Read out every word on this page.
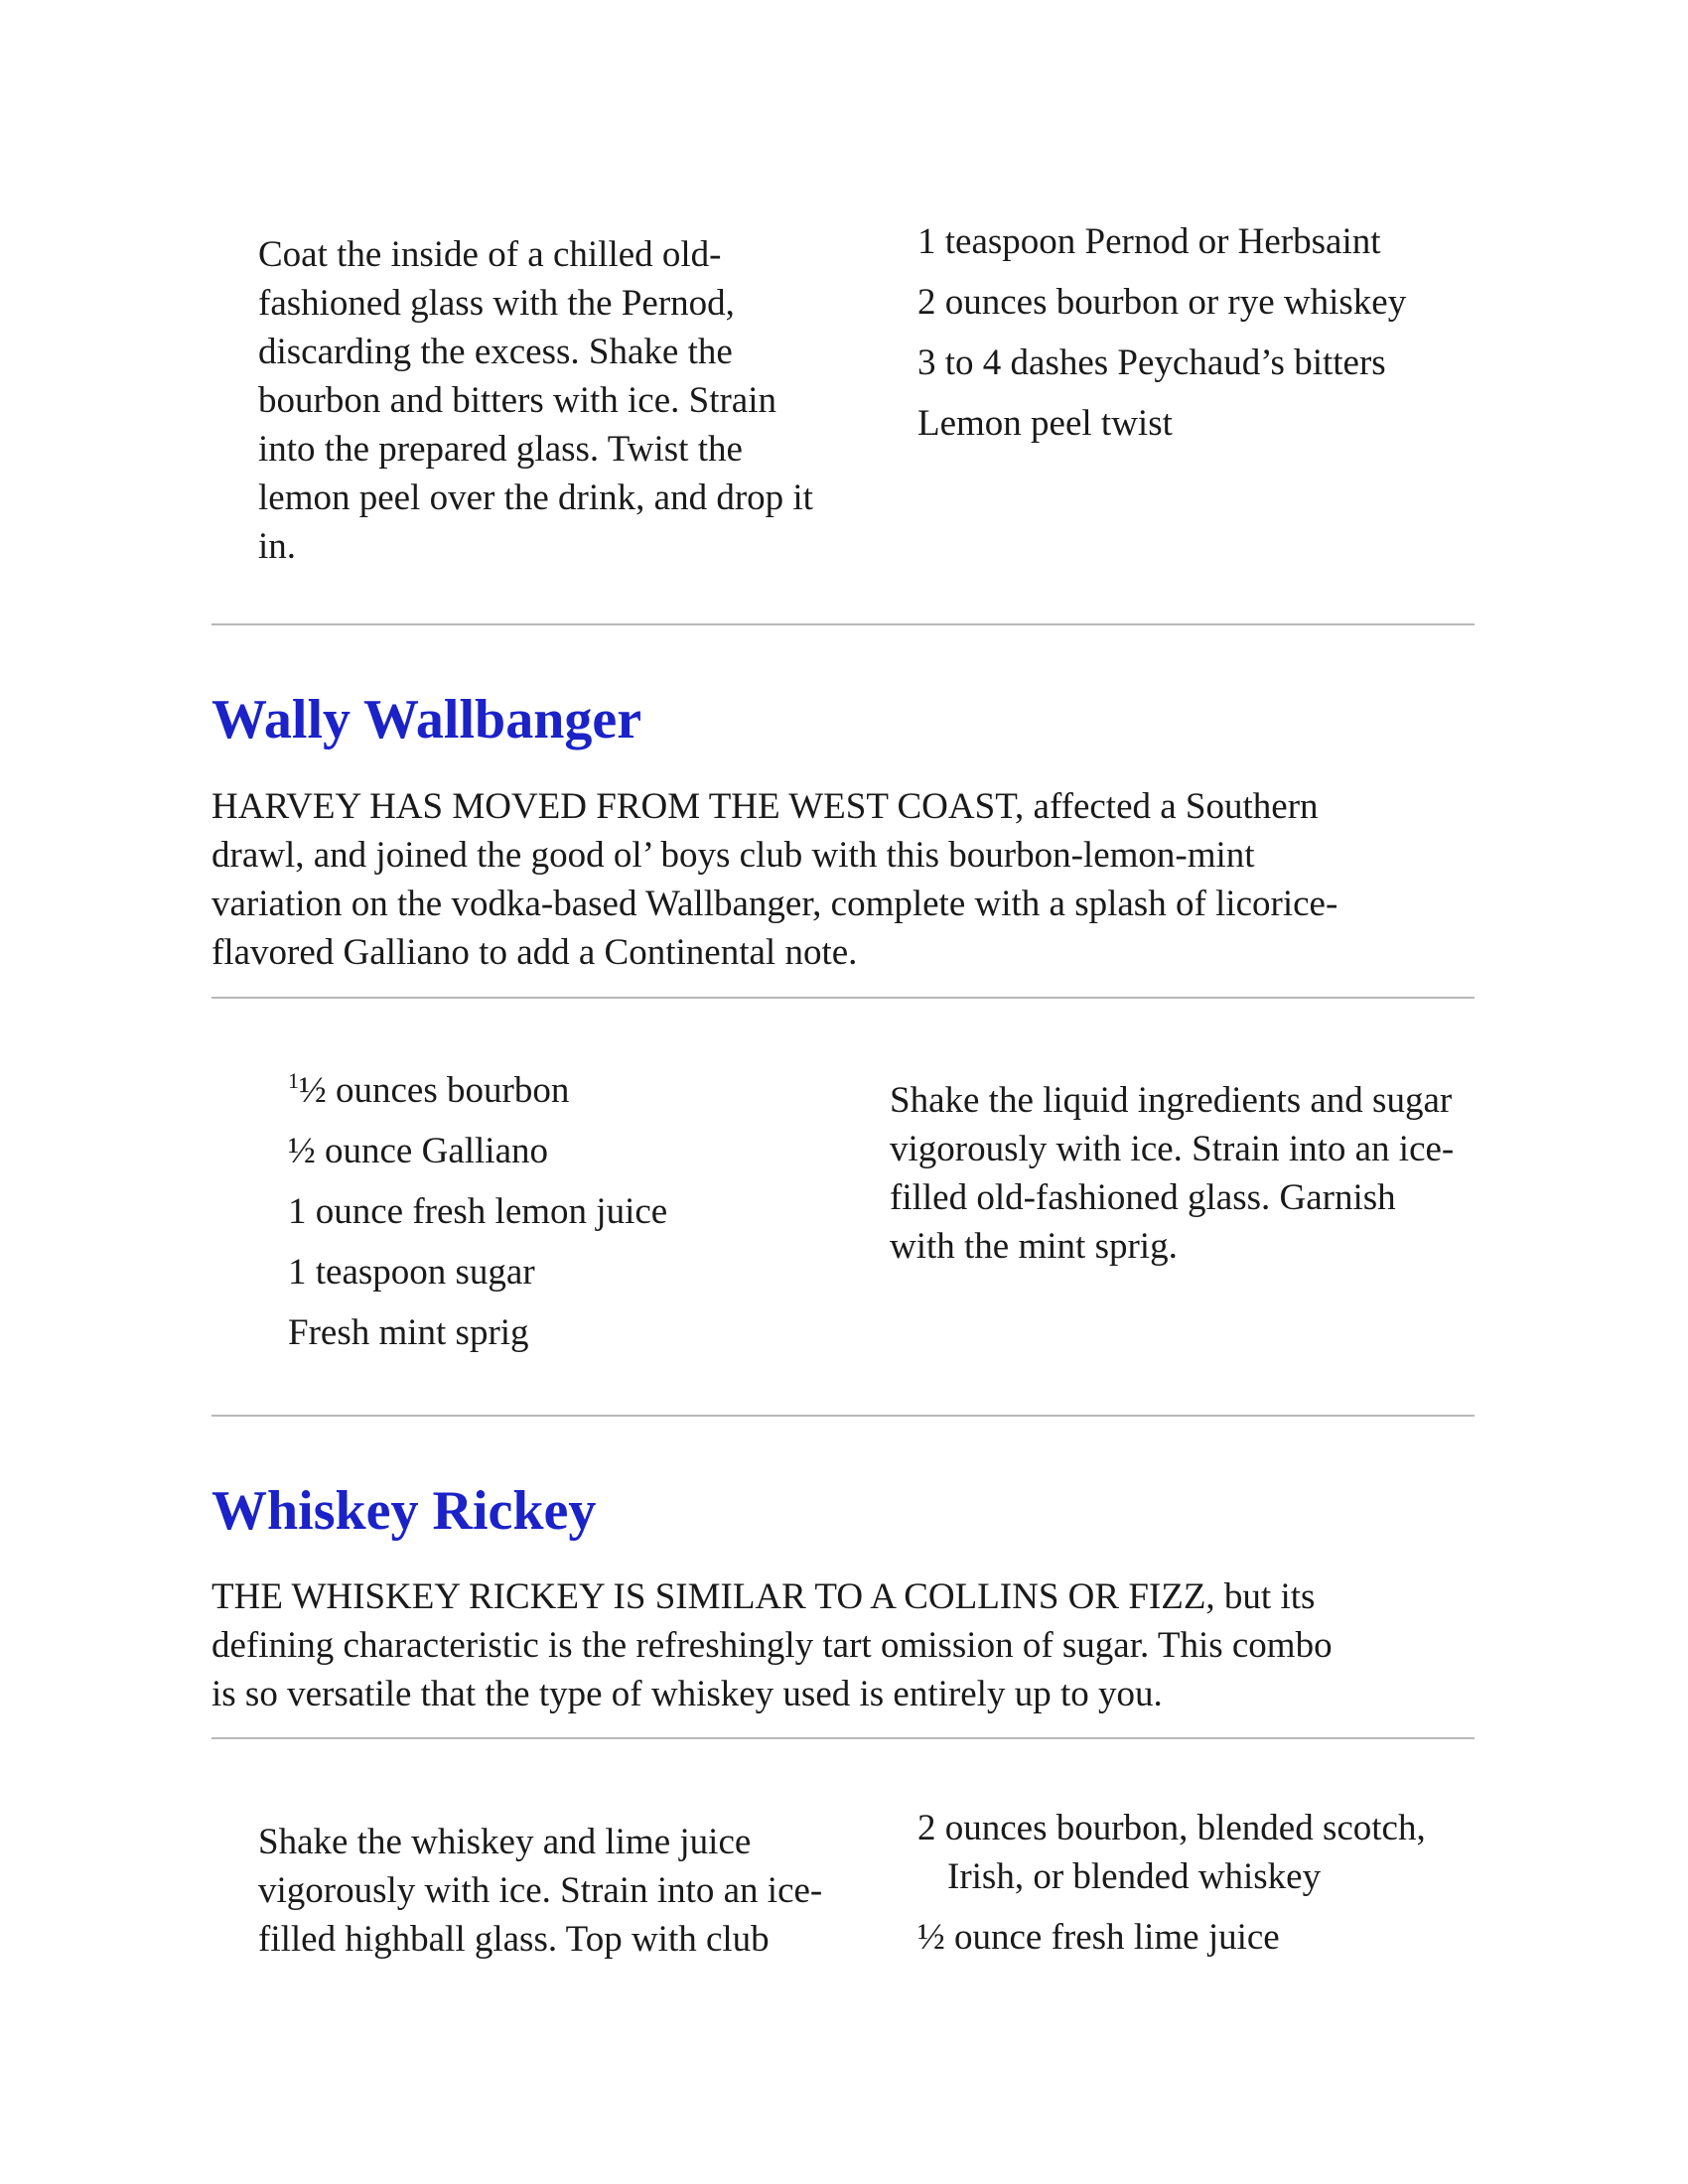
Coat the inside of a chilled old-
fashioned glass with the Pernod,
discarding the excess. Shake the
bourbon and bitters with ice. Strain
into the prepared glass. Twist the
lemon peel over the drink, and drop it
in.
1 teaspoon Pernod or Herbsaint
2 ounces bourbon or rye whiskey
3 to 4 dashes Peychaud’s bitters
Lemon peel twist
Wally Wallbanger
HARVEY HAS MOVED FROM THE WEST COAST, affected a Southern
drawl, and joined the good ol’ boys club with this bourbon-lemon-mint
variation on the vodka-based Wallbanger, complete with a splash of licorice-
flavored Galliano to add a Continental note.
$^1$½ ounces bourbon
½ ounce Galliano
1 ounce fresh lemon juice
1 teaspoon sugar
Fresh mint sprig
Shake the liquid ingredients and sugar
vigorously with ice. Strain into an ice-
filled old-fashioned glass. Garnish
with the mint sprig.
Whiskey Rickey
THE WHISKEY RICKEY IS SIMILAR TO A COLLINS OR FIZZ, but its
defining characteristic is the refreshingly tart omission of sugar. This combo
is so versatile that the type of whiskey used is entirely up to you.
Shake the whiskey and lime juice
vigorously with ice. Strain into an ice-
filled highball glass. Top with club
2 ounces bourbon, blended scotch, Irish, or blended whiskey
½ ounce fresh lime juice
